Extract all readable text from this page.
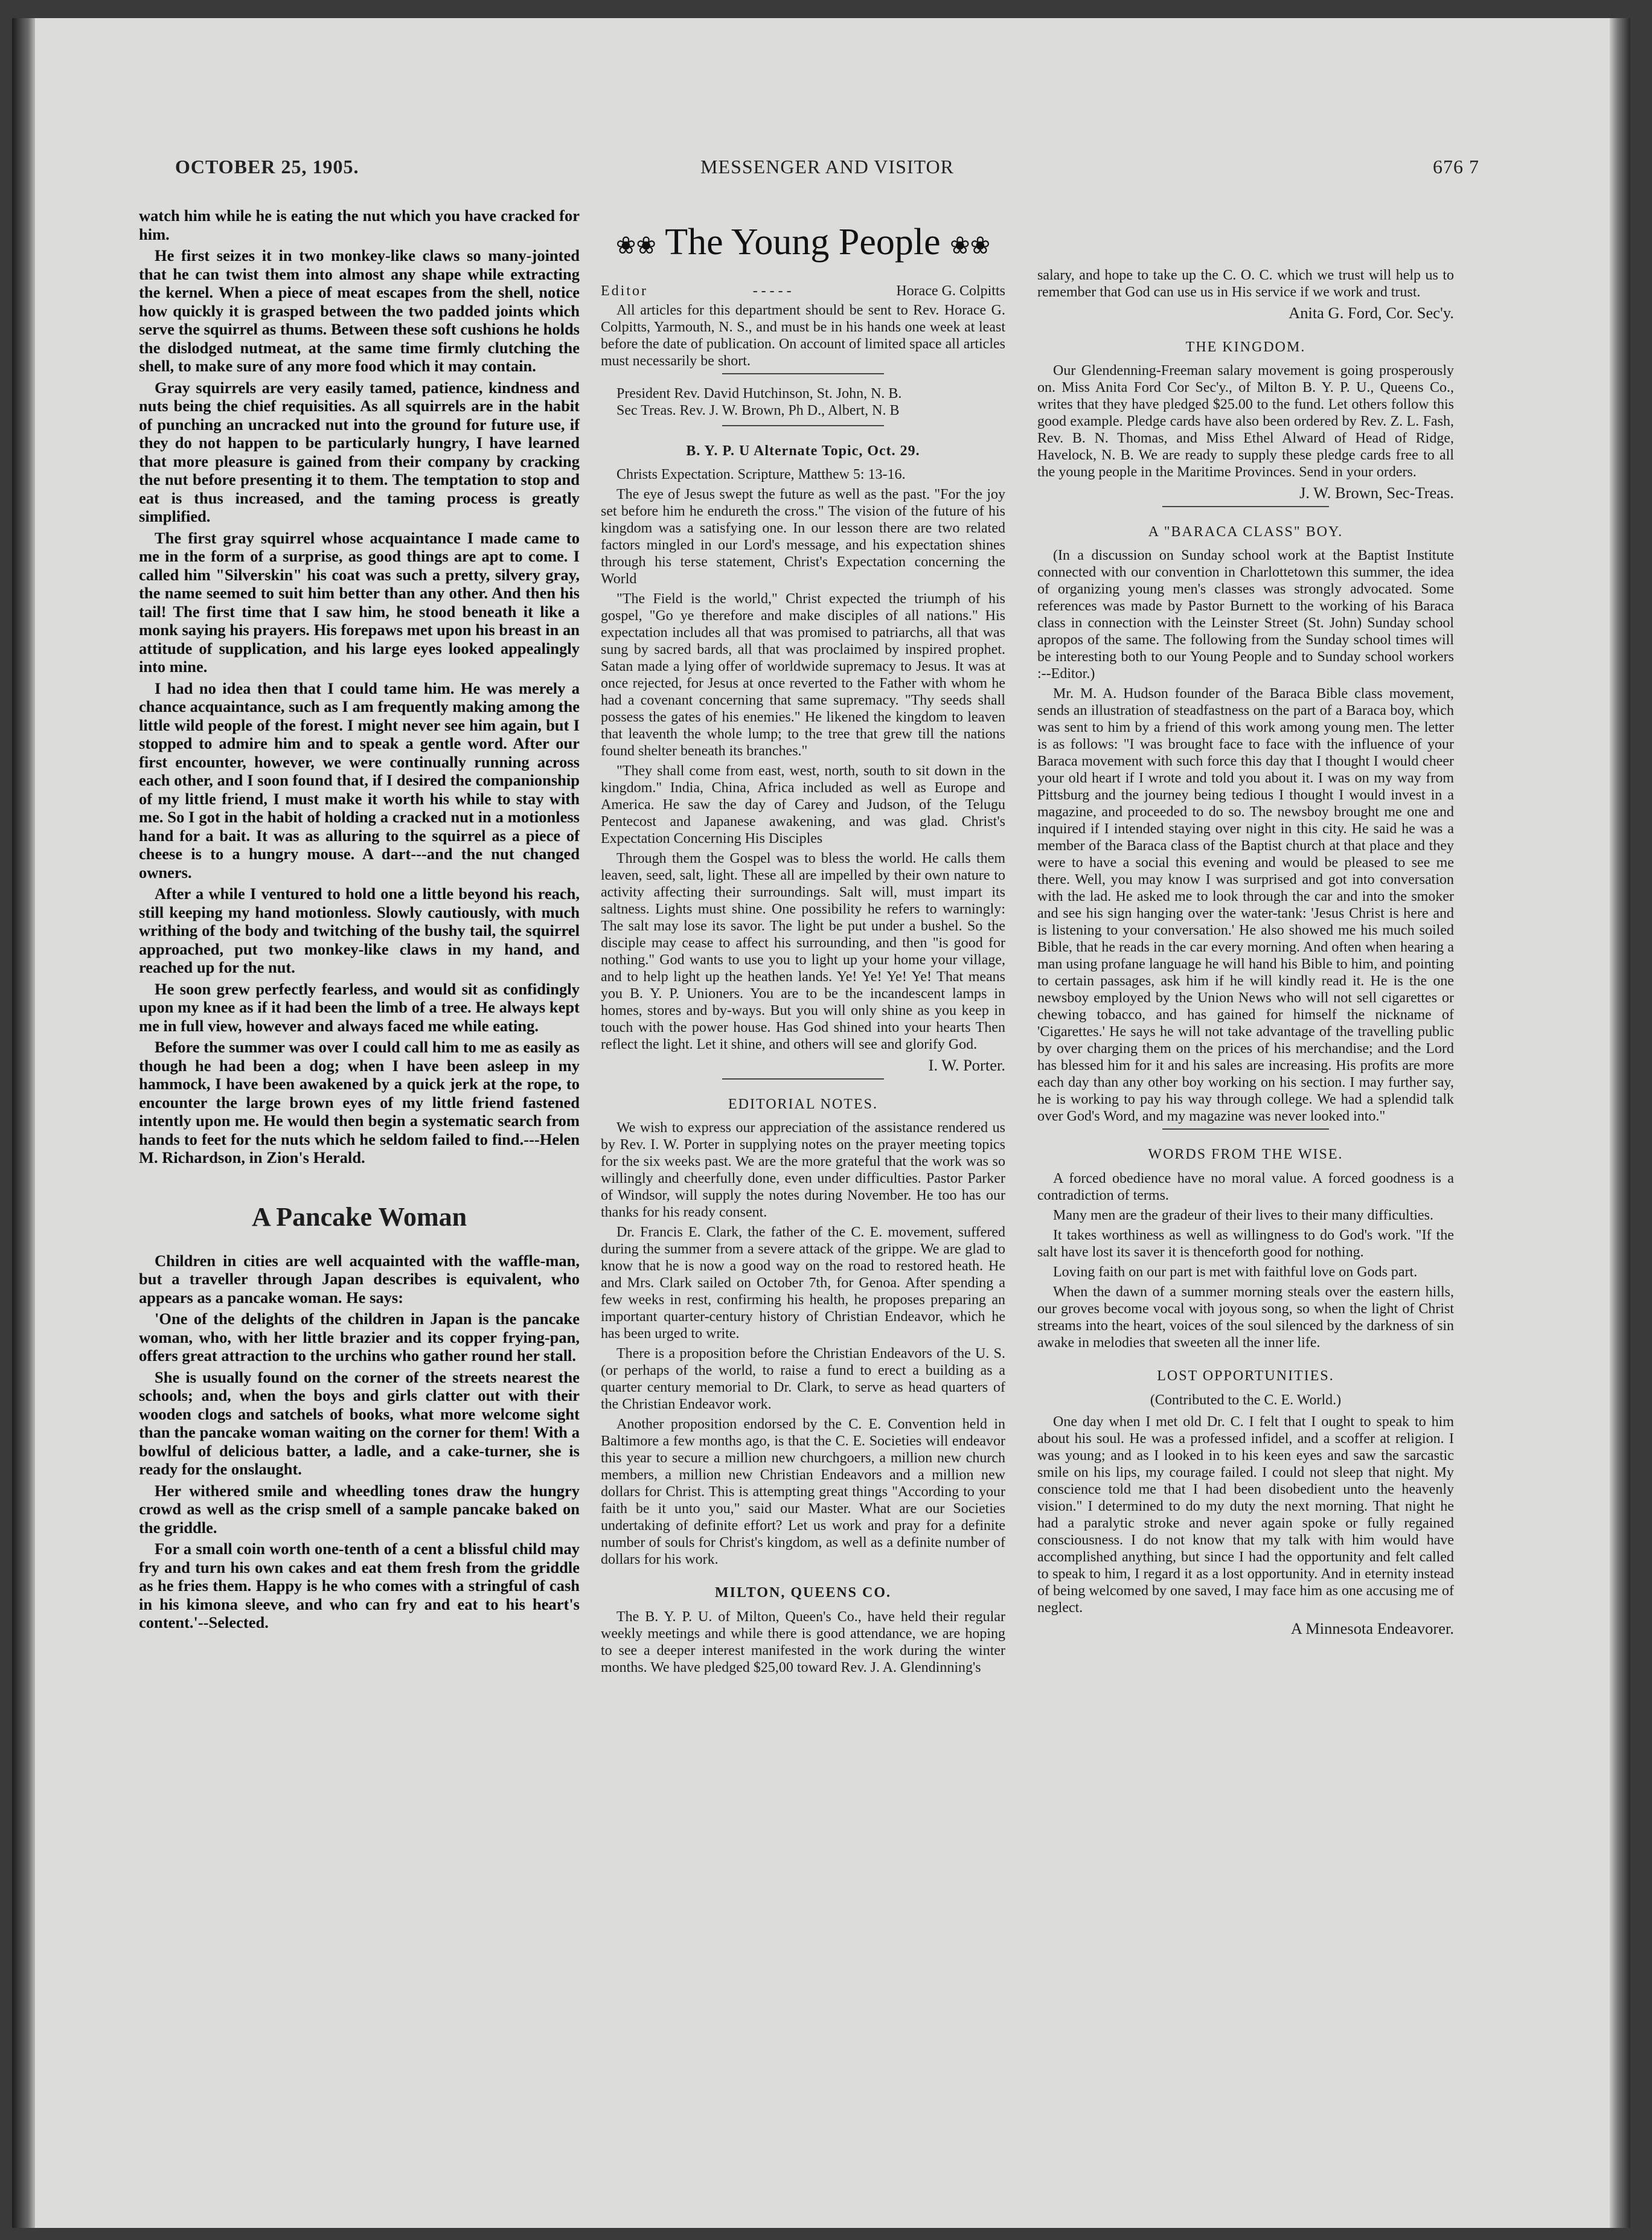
OCTOBER 25, 1905.	MESSENGER AND VISITOR	676 7

watch him while he is eating the nut which you have cracked for him.

He first seizes it in two monkey-like claws so many-jointed that he can twist them into almost any shape while extracting the kernel. When a piece of meat escapes from the shell, notice how quickly it is grasped between the two padded joints which serve the squirrel as thums. Between these soft cushions he holds the dislodged nutmeat, at the same time firmly clutching the shell, to make sure of any more food which it may contain.

Gray squirrels are very easily tamed, patience, kindness and nuts being the chief requisities. As all squirrels are in the habit of punching an uncracked nut into the ground for future use, if they do not happen to be particularly hungry, I have learned that more pleasure is gained from their company by cracking the nut before presenting it to them. The temptation to stop and eat is thus increased, and the taming process is greatly simplified.

The first gray squirrel whose acquaintance I made came to me in the form of a surprise, as good things are apt to come. I called him "Silverskin" his coat was such a pretty, silvery gray, the name seemed to suit him better than any other. And then his tail! The first time that I saw him, he stood beneath it like a monk saying his prayers. His forepaws met upon his breast in an attitude of supplication, and his large eyes looked appealingly into mine.

I had no idea then that I could tame him. He was merely a chance acquaintance, such as I am frequently making among the little wild people of the forest. I might never see him again, but I stopped to admire him and to speak a gentle word. After our first encounter, however, we were continually running across each other, and I soon found that, if I desired the companionship of my little friend, I must make it worth his while to stay with me. So I got in the habit of holding a cracked nut in a motionless hand for a bait. It was as alluring to the squirrel as a piece of cheese is to a hungry mouse. A dart---and the nut changed owners.

After a while I ventured to hold one a little beyond his reach, still keeping my hand motionless. Slowly cautiously, with much writhing of the body and twitching of the bushy tail, the squirrel approached, put two monkey-like claws in my hand, and reached up for the nut.

He soon grew perfectly fearless, and would sit as confidingly upon my knee as if it had been the limb of a tree. He always kept me in full view, however and always faced me while eating.

Before the summer was over I could call him to me as easily as though he had been a dog; when I have been asleep in my hammock, I have been awakened by a quick jerk at the rope, to encounter the large brown eyes of my little friend fastened intently upon me. He would then begin a systematic search from hands to feet for the nuts which he seldom failed to find.---Helen M. Richardson, in Zion's Herald.

A Pancake Woman

Children in cities are well acquainted with the waffle-man, but a traveller through Japan describes is equivalent, who appears as a pancake woman. He says:

'One of the delights of the children in Japan is the pancake woman, who, with her little brazier and its copper frying-pan, offers great attraction to the urchins who gather round her stall.

She is usually found on the corner of the streets nearest the schools; and, when the boys and girls clatter out with their wooden clogs and satchels of books, what more welcome sight than the pancake woman waiting on the corner for them! With a bowlful of delicious batter, a ladle, and a cake-turner, she is ready for the onslaught.

Her withered smile and wheedling tones draw the hungry crowd as well as the crisp smell of a sample pancake baked on the griddle.

For a small coin worth one-tenth of a cent a blissful child may fry and turn his own cakes and eat them fresh from the griddle as he fries them. Happy is he who comes with a stringful of cash in his kimona sleeve, and who can fry and eat to his heart's content.'--Selected.

❀❀ The Young People ❀❀
Editor	- - - - -	Horace G. Colpitts

All articles for this department should be sent to Rev. Horace G. Colpitts, Yarmouth, N. S., and must be in his hands one week at least before the date of publication. On account of limited space all articles must necessarily be short.

President Rev. David Hutchinson, St. John, N. B.

Sec Treas. Rev. J. W. Brown, Ph D., Albert, N. B

B. Y. P. U Alternate Topic, Oct. 29.

Christs Expectation. Scripture, Matthew 5: 13-16.

The eye of Jesus swept the future as well as the past. "For the joy set before him he endureth the cross." The vision of the future of his kingdom was a satisfying one. In our lesson there are two related factors mingled in our Lord's message, and his expectation shines through his terse statement, Christ's Expectation concerning the World

"The Field is the world," Christ expected the triumph of his gospel, "Go ye therefore and make disciples of all nations." His expectation includes all that was promised to patriarchs, all that was sung by sacred bards, all that was proclaimed by inspired prophet. Satan made a lying offer of worldwide supremacy to Jesus. It was at once rejected, for Jesus at once reverted to the Father with whom he had a covenant concerning that same supremacy. "Thy seeds shall possess the gates of his enemies." He likened the kingdom to leaven that leaventh the whole lump; to the tree that grew till the nations found shelter beneath its branches."

"They shall come from east, west, north, south to sit down in the kingdom." India, China, Africa included as well as Europe and America. He saw the day of Carey and Judson, of the Telugu Pentecost and Japanese awakening, and was glad. Christ's Expectation Concerning His Disciples

Through them the Gospel was to bless the world. He calls them leaven, seed, salt, light. These all are impelled by their own nature to activity affecting their surroundings. Salt will, must impart its saltness. Lights must shine. One possibility he refers to warningly: The salt may lose its savor. The light be put under a bushel. So the disciple may cease to affect his surrounding, and then "is good for nothing." God wants to use you to light up your home your village, and to help light up the heathen lands. Ye! Ye! Ye! Ye! That means you B. Y. P. Unioners. You are to be the incandescent lamps in homes, stores and by-ways. But you will only shine as you keep in touch with the power house. Has God shined into your hearts Then reflect the light. Let it shine, and others will see and glorify God.

I. W. Porter.
EDITORIAL NOTES.

We wish to express our appreciation of the assistance rendered us by Rev. I. W. Porter in supplying notes on the prayer meeting topics for the six weeks past. We are the more grateful that the work was so willingly and cheerfully done, even under difficulties. Pastor Parker of Windsor, will supply the notes during November. He too has our thanks for his ready consent.

Dr. Francis E. Clark, the father of the C. E. movement, suffered during the summer from a severe attack of the grippe. We are glad to know that he is now a good way on the road to restored heath. He and Mrs. Clark sailed on October 7th, for Genoa. After spending a few weeks in rest, confirming his health, he proposes preparing an important quarter-century history of Christian Endeavor, which he has been urged to write.

There is a proposition before the Christian Endeavors of the U. S. (or perhaps of the world, to raise a fund to erect a building as a quarter century memorial to Dr. Clark, to serve as head quarters of the Christian Endeavor work.

Another proposition endorsed by the C. E. Convention held in Baltimore a few months ago, is that the C. E. Societies will endeavor this year to secure a million new churchgoers, a million new church members, a million new Christian Endeavors and a million new dollars for Christ. This is attempting great things "According to your faith be it unto you," said our Master. What are our Societies undertaking of definite effort? Let us work and pray for a definite number of souls for Christ's kingdom, as well as a definite number of dollars for his work.

MILTON, QUEENS CO.

The B. Y. P. U. of Milton, Queen's Co., have held their regular weekly meetings and while there is good attendance, we are hoping to see a deeper interest manifested in the work during the winter months. We have pledged $25,00 toward Rev. J. A. Glendinning's

salary, and hope to take up the C. O. C. which we trust will help us to remember that God can use us in His service if we work and trust.

Anita G. Ford, Cor. Sec'y.
THE KINGDOM.

Our Glendenning-Freeman salary movement is going prosperously on. Miss Anita Ford Cor Sec'y., of Milton B. Y. P. U., Queens Co., writes that they have pledged $25.00 to the fund. Let others follow this good example. Pledge cards have also been ordered by Rev. Z. L. Fash, Rev. B. N. Thomas, and Miss Ethel Alward of Head of Ridge, Havelock, N. B. We are ready to supply these pledge cards free to all the young people in the Maritime Provinces. Send in your orders.

J. W. Brown, Sec-Treas.
A "BARACA CLASS" BOY.

(In a discussion on Sunday school work at the Baptist Institute connected with our convention in Charlottetown this summer, the idea of organizing young men's classes was strongly advocated. Some references was made by Pastor Burnett to the working of his Baraca class in connection with the Leinster Street (St. John) Sunday school apropos of the same. The following from the Sunday school times will be interesting both to our Young People and to Sunday school workers :--Editor.)

Mr. M. A. Hudson founder of the Baraca Bible class movement, sends an illustration of steadfastness on the part of a Baraca boy, which was sent to him by a friend of this work among young men. The letter is as follows: "I was brought face to face with the influence of your Baraca movement with such force this day that I thought I would cheer your old heart if I wrote and told you about it. I was on my way from Pittsburg and the journey being tedious I thought I would invest in a magazine, and proceeded to do so. The newsboy brought me one and inquired if I intended staying over night in this city. He said he was a member of the Baraca class of the Baptist church at that place and they were to have a social this evening and would be pleased to see me there. Well, you may know I was surprised and got into conversation with the lad. He asked me to look through the car and into the smoker and see his sign hanging over the water-tank: 'Jesus Christ is here and is listening to your conversation.' He also showed me his much soiled Bible, that he reads in the car every morning. And often when hearing a man using profane language he will hand his Bible to him, and pointing to certain passages, ask him if he will kindly read it. He is the one newsboy employed by the Union News who will not sell cigarettes or chewing tobacco, and has gained for himself the nickname of 'Cigarettes.' He says he will not take advantage of the travelling public by over charging them on the prices of his merchandise; and the Lord has blessed him for it and his sales are increasing. His profits are more each day than any other boy working on his section. I may further say, he is working to pay his way through college. We had a splendid talk over God's Word, and my magazine was never looked into."

WORDS FROM THE WISE.

A forced obedience have no moral value. A forced goodness is a contradiction of terms.

Many men are the gradeur of their lives to their many difficulties.

It takes worthiness as well as willingness to do God's work. "If the salt have lost its saver it is thenceforth good for nothing.

Loving faith on our part is met with faithful love on Gods part.

When the dawn of a summer morning steals over the eastern hills, our groves become vocal with joyous song, so when the light of Christ streams into the heart, voices of the soul silenced by the darkness of sin awake in melodies that sweeten all the inner life.

LOST OPPORTUNITIES.
(Contributed to the C. E. World.)

One day when I met old Dr. C. I felt that I ought to speak to him about his soul. He was a professed infidel, and a scoffer at religion. I was young; and as I looked in to his keen eyes and saw the sarcastic smile on his lips, my courage failed. I could not sleep that night. My conscience told me that I had been disobedient unto the heavenly vision." I determined to do my duty the next morning. That night he had a paralytic stroke and never again spoke or fully regained consciousness. I do not know that my talk with him would have accomplished anything, but since I had the opportunity and felt called to speak to him, I regard it as a lost opportunity. And in eternity instead of being welcomed by one saved, I may face him as one accusing me of neglect.

A Minnesota Endeavorer.
